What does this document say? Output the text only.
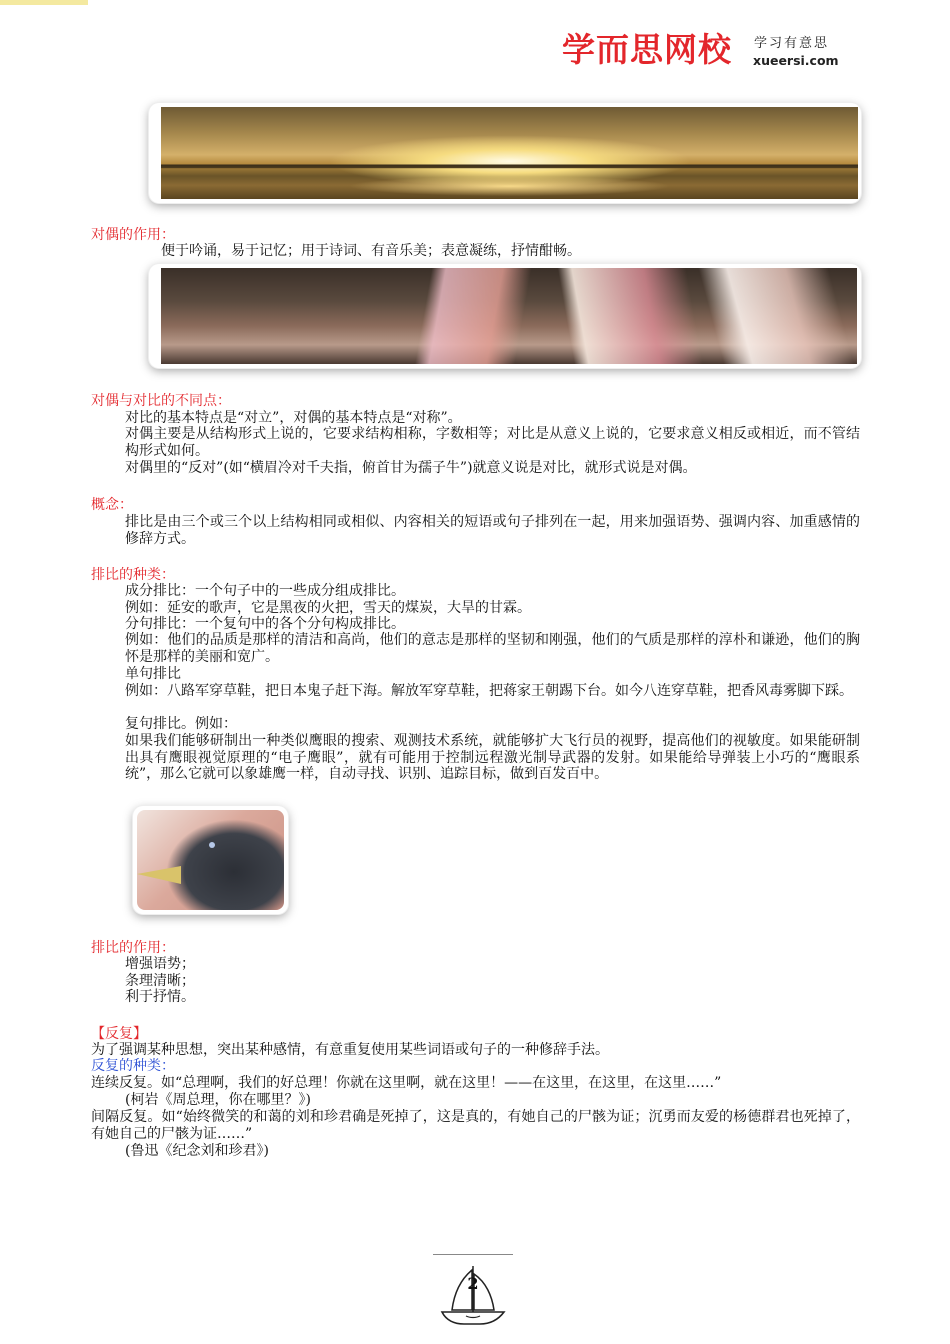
学而思网校 学习有意思
xueersi.com
对偶的作用：
便于吟诵，易于记忆；用于诗词、有音乐美；表意凝练，抒情酣畅。
对偶与对比的不同点：
对比的基本特点是“对立”，对偶的基本特点是“对称”。
对偶主要是从结构形式上说的，它要求结构相称，字数相等；对比是从意义上说的，它要求意义相反或相近，而不管结构形式如何。
对偶里的“反对”(如“横眉冷对千夫指，俯首甘为孺子牛”)就意义说是对比，就形式说是对偶。
概念：
排比是由三个或三个以上结构相同或相似、内容相关的短语或句子排列在一起，用来加强语势、强调内容、加重感情的修辞方式。
排比的种类：
成分排比：一个句子中的一些成分组成排比。
例如：延安的歌声，它是黑夜的火把，雪天的煤炭，大旱的甘霖。
分句排比：一个复句中的各个分句构成排比。
例如：他们的品质是那样的清洁和高尚，他们的意志是那样的坚韧和刚强，他们的气质是那样的淳朴和谦逊，他们的胸怀是那样的美丽和宽广。
单句排比
例如：八路军穿草鞋，把日本鬼子赶下海。解放军穿草鞋，把蒋家王朝踢下台。如今八连穿草鞋，把香风毒雾脚下踩。
复句排比。例如：
如果我们能够研制出一种类似鹰眼的搜索、观测技术系统，就能够扩大飞行员的视野，提高他们的视敏度。如果能研制出具有鹰眼视觉原理的“电子鹰眼”，就有可能用于控制远程激光制导武器的发射。如果能给导弹装上小巧的“鹰眼系统”，那么它就可以象雄鹰一样，自动寻找、识别、追踪目标，做到百发百中。
排比的作用：
增强语势；
条理清晰；
利于抒情。
【反复】
为了强调某种思想，突出某种感情，有意重复使用某些词语或句子的一种修辞手法。
反复的种类：
连续反复。如“总理啊，我们的好总理！你就在这里啊，就在这里！——在这里，在这里，在这里……”
(柯岩《周总理，你在哪里？》)
间隔反复。如“始终微笑的和蔼的刘和珍君确是死掉了，这是真的，有她自己的尸骸为证；沉勇而友爱的杨德群君也死掉了，有她自己的尸骸为证……”
(鲁迅《纪念刘和珍君》)
2
